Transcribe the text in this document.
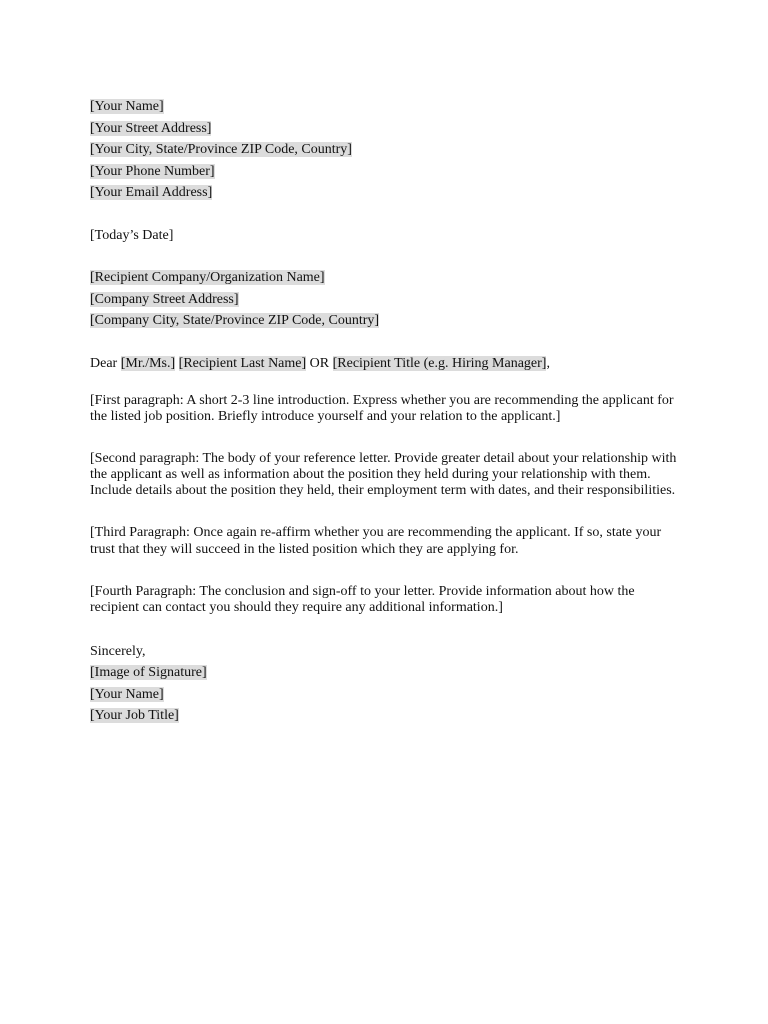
[Your Name]
[Your Street Address]
[Your City, State/Province ZIP Code, Country]
[Your Phone Number]
[Your Email Address]
[Today’s Date]
[Recipient Company/Organization Name]
[Company Street Address]
[Company City, State/Province ZIP Code, Country]
Dear [Mr./Ms.] [Recipient Last Name] OR [Recipient Title (e.g. Hiring Manager],

[First paragraph: A short 2-3 line introduction. Express whether you are recommending the applicant for the listed job position. Briefly introduce yourself and your relation to the applicant.]

[Second paragraph: The body of your reference letter. Provide greater detail about your relationship with the applicant as well as information about the position they held during your relationship with them. Include details about the position they held, their employment term with dates, and their responsibilities.

[Third Paragraph: Once again re-affirm whether you are recommending the applicant. If so, state your trust that they will succeed in the listed position which they are applying for.

[Fourth Paragraph: The conclusion and sign-off to your letter. Provide information about how the recipient can contact you should they require any additional information.]

Sincerely,
[Image of Signature]
[Your Name]
[Your Job Title]
